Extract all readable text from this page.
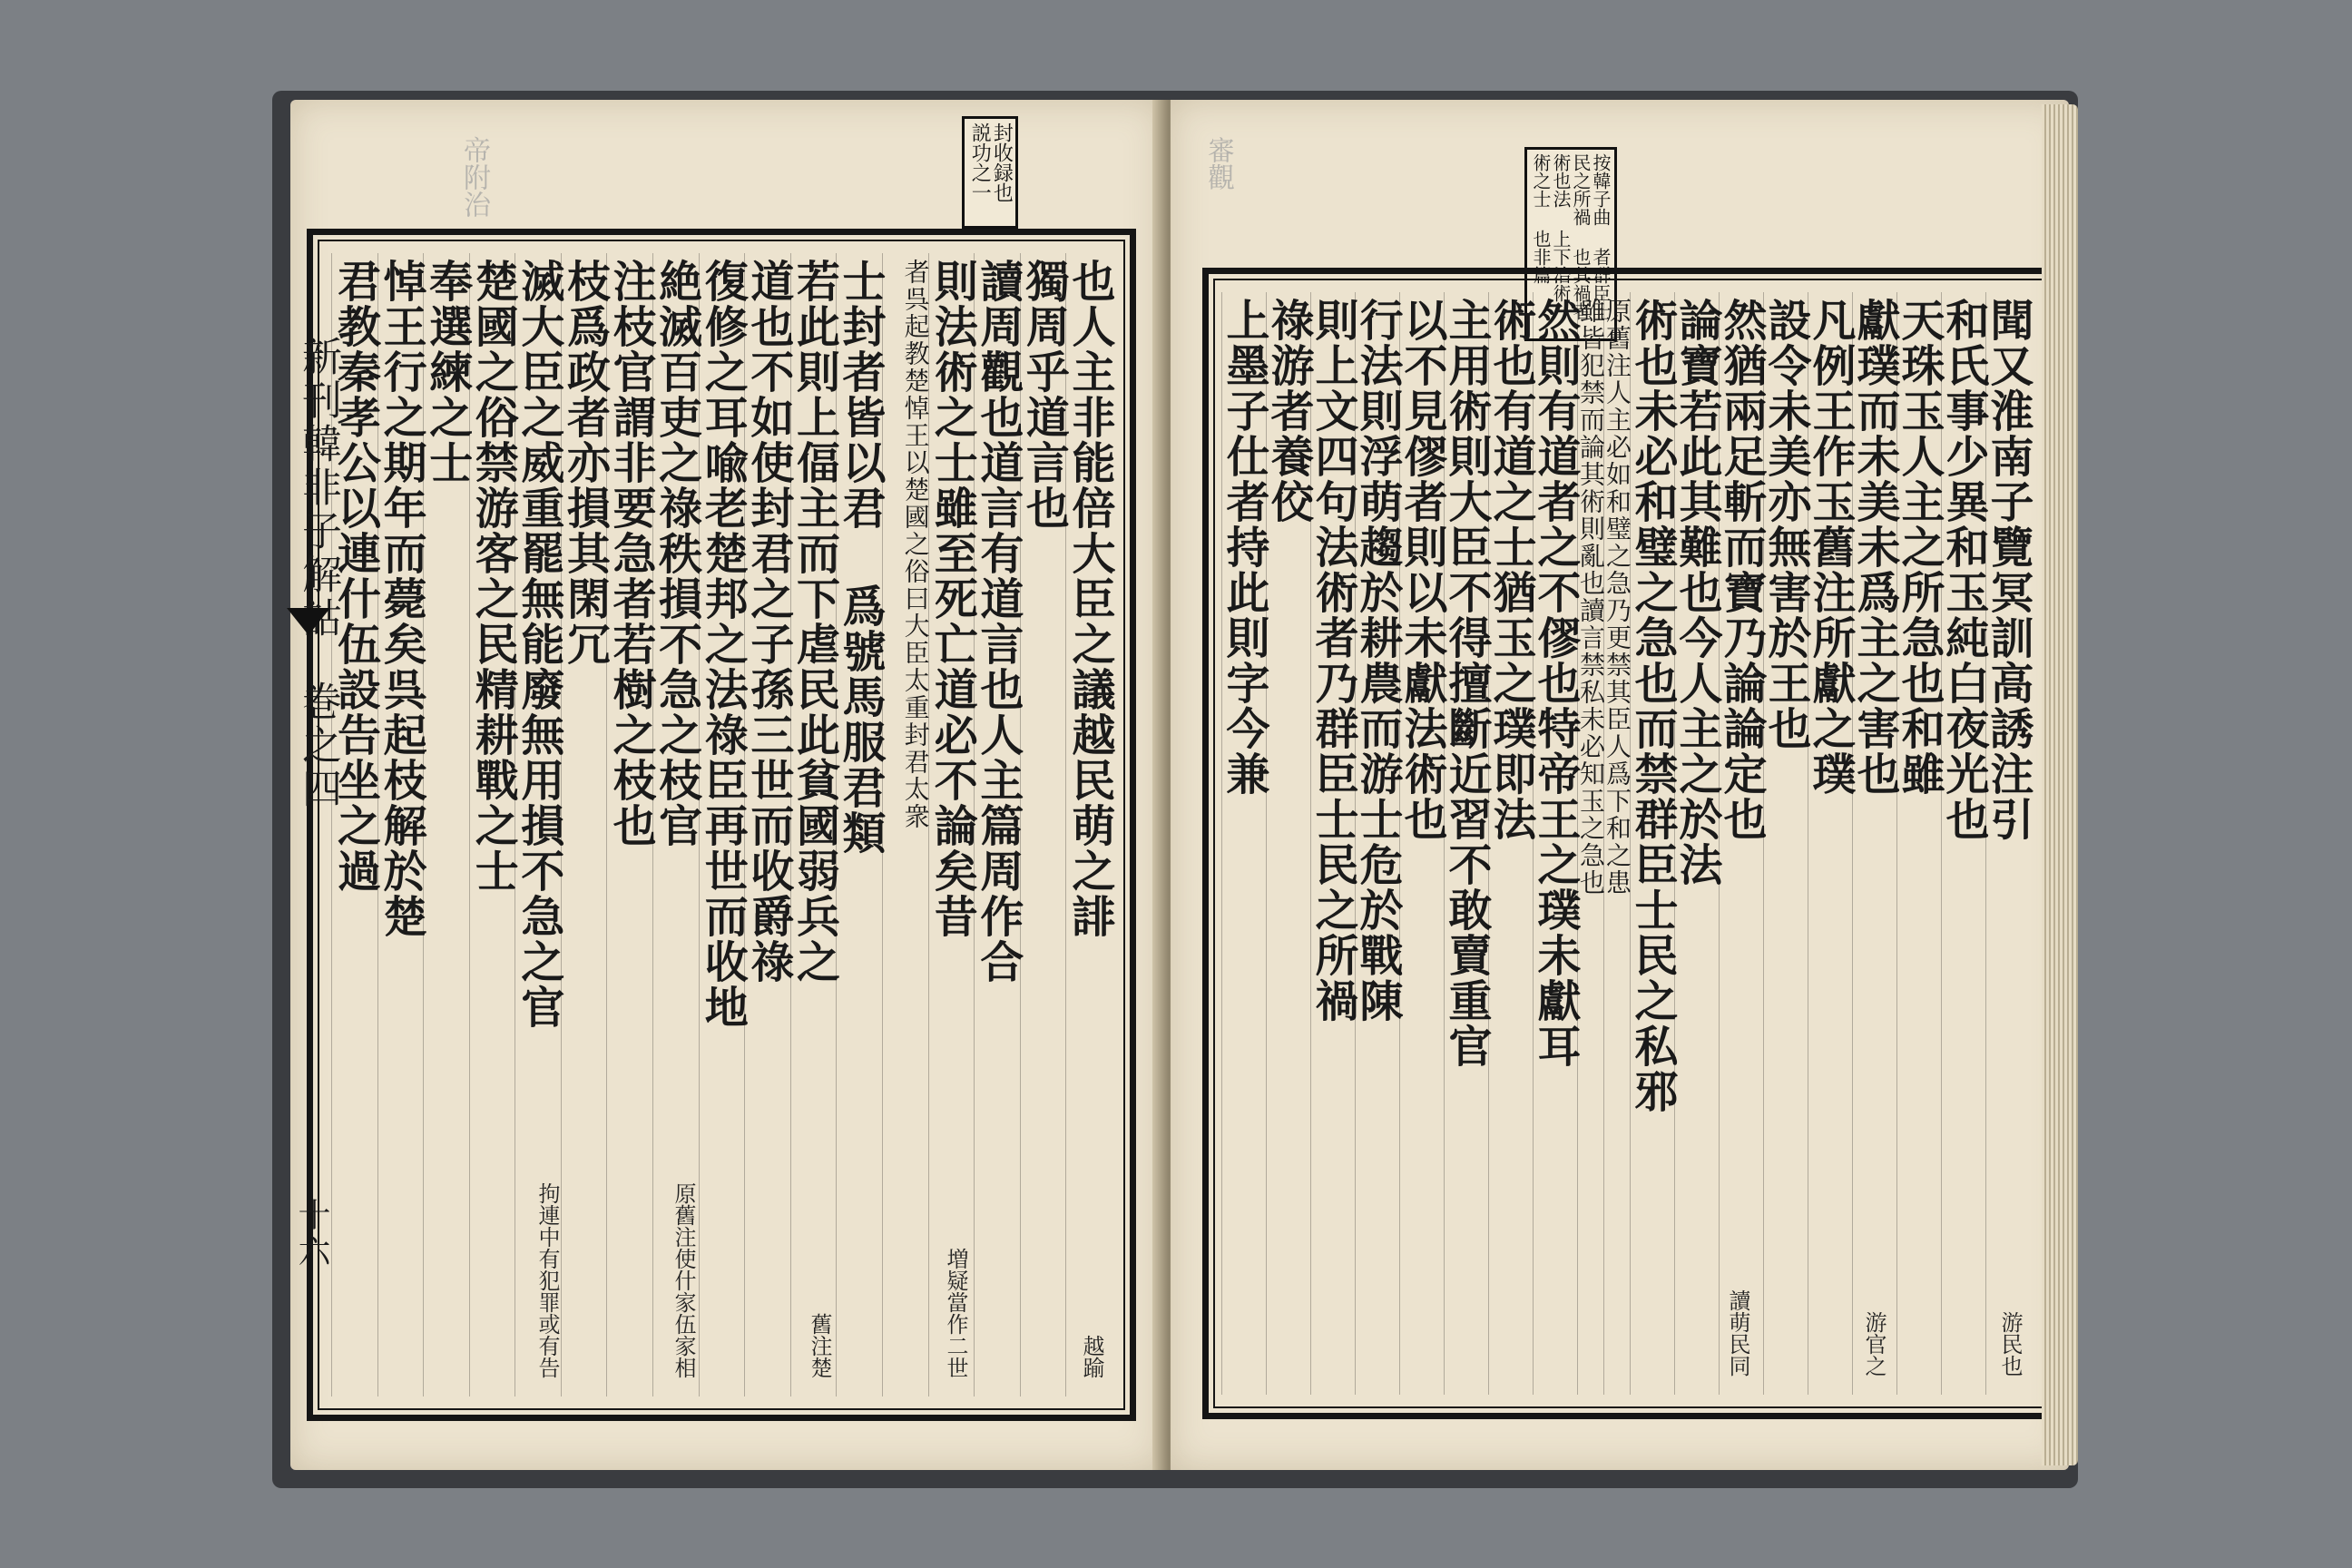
帝附治	封收録也 説功之一
也人主非能倍大臣之議越民萌之誹
獨周乎道言也
讀周觀也道言有道言也人主篇周作合
則法術之士雖至死亡道必不論矣昔
者呉起教楚悼王以楚國之俗曰大臣太重封君太衆
士封者皆以君 爲號馬服君類
若此則上偪主而下虐民此貧國弱兵之
道也不如使封君之子孫三世而收爵祿
復修之耳喩老楚邦之法祿臣再世而收地
絶滅百吏之祿秩損不急之枝官
注枝官謂非要急者若樹之枝也
枝爲政者亦損其閑冗
滅大臣之威重罷無能廢無用損不急之官
楚國之俗禁游客之民精耕戰之士
奉選練之士
悼王行之期年而薨矣呉起枝解於楚
君教秦孝公以連什伍設告坐之過
越踰
増疑當作二世
舊注楚
原舊注使什家伍家相
拘連中有犯罪或有告
新刊韓非子解詁
巻之四
十六
審觀	按韓子曲 者群臣士 民之所禍 也其禍者 術也法 上下治術 術之士 也非篇
聞又淮南子覽冥訓高誘注引
和氏事少異和玉純白夜光也
天珠玉人主之所急也和雖
獻璞而未美未爲主之害也
凡例王作玉舊注所獻之璞
設令未美亦無害於王也
然猶兩足斬而寶乃論論定也
論寶若此其難也今人主之於法
術也未必和璧之急也而禁群臣士民之私邪
原舊注人主必如和璧之急乃更禁其臣人爲下和之患
雖皆犯禁而論其術則亂也讀言禁私未必知玉之急也
然則有道者之不僇也特帝王之璞未獻耳
術也有道之士猶玉之璞即法
主用術則大臣不得擅斷近習不敢賣重官
以不見僇者則以未獻法術也
行法則浮萌趨於耕農而游士危於戰陳
則上文四句法術者乃群臣士民之所禍
祿游者養佼
上墨子仕者持此則字今兼
游民也
游官之
讀萌民同
